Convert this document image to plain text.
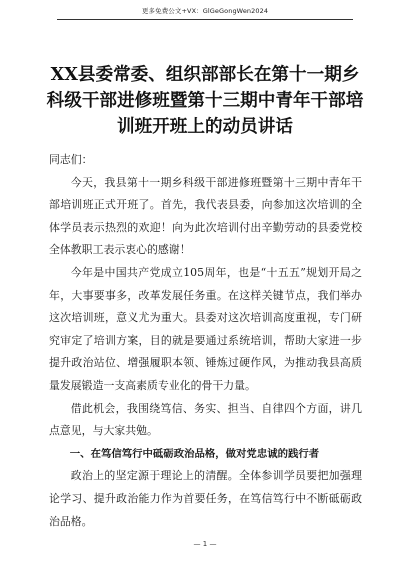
更多免费公文+VX：GlGeGongWen2024
XX县委常委、组织部部长在第十一期乡
科级干部进修班暨第十三期中青年干部培
训班开班上的动员讲话

同志们：

今天，我县第十一期乡科级干部进修班暨第十三期中青年干部培训班正式开班了。首先，我代表县委，向参加这次培训的全体学员表示热烈的欢迎！向为此次培训付出辛勤劳动的县委党校全体教职工表示衷心的感谢！

今年是中国共产党成立105周年，也是“十五五”规划开局之年，大事要事多，改革发展任务重。在这样关键节点，我们举办这次培训班，意义尤为重大。县委对这次培训高度重视，专门研究审定了培训方案，目的就是要通过系统培训，帮助大家进一步提升政治站位、增强履职本领、锤炼过硬作风，为推动我县高质量发展锻造一支高素质专业化的骨干力量。

借此机会，我围绕笃信、务实、担当、自律四个方面，讲几点意见，与大家共勉。

一、在笃信笃行中砥砺政治品格，做对党忠诚的践行者

政治上的坚定源于理论上的清醒。全体参训学员要把加强理论学习、提升政治能力作为首要任务，在笃信笃行中不断砥砺政治品格。

— 1 —
